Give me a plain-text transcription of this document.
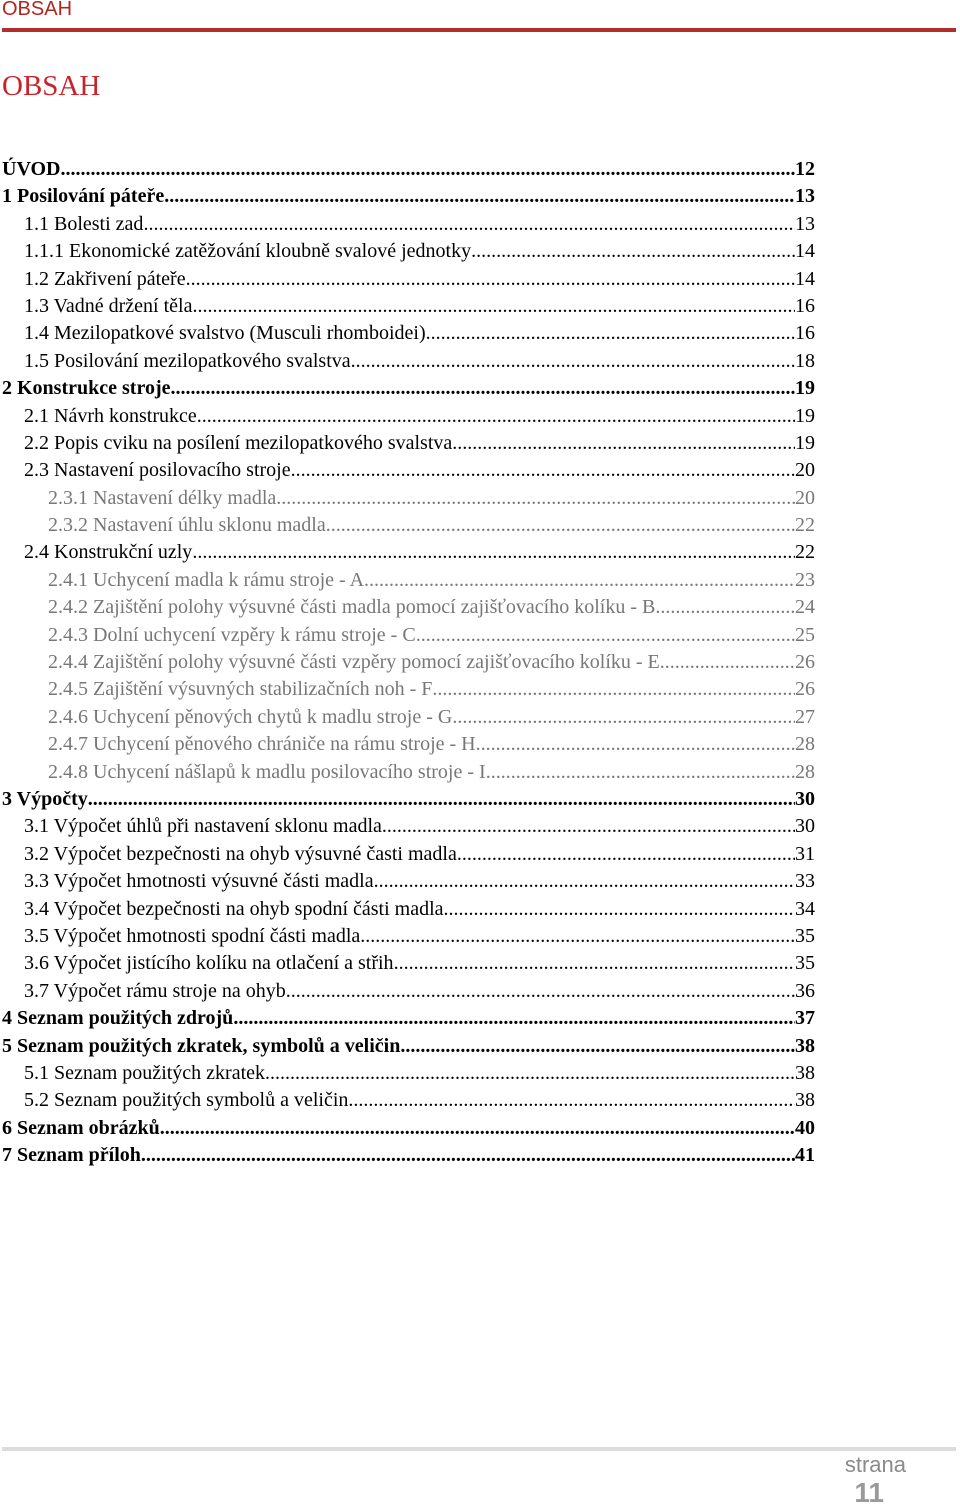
OBSAH
OBSAH
ÚVOD .....	12
1 Posilování páteře .....	13
1.1 Bolesti zad .....	13
1.1.1 Ekonomické zatěžování kloubně svalové jednotky .....	14
1.2 Zakřivení páteře .....	14
1.3 Vadné držení těla .....	16
1.4 Mezilopatkové svalstvo (Musculi rhomboidei) .....	16
1.5 Posilování mezilopatkového svalstva .....	18
2 Konstrukce stroje .....	19
2.1 Návrh konstrukce .....	19
2.2 Popis cviku na posílení mezilopatkového svalstva .....	19
2.3 Nastavení posilovacího stroje .....	20
2.3.1 Nastavení délky madla .....	20
2.3.2 Nastavení úhlu sklonu madla .....	22
2.4 Konstrukční uzly .....	22
2.4.1 Uchycení madla k rámu stroje - A .....	23
2.4.2 Zajištění polohy výsuvné části madla pomocí zajišťovacího kolíku - B .....	24
2.4.3 Dolní uchycení vzpěry k rámu stroje - C .....	25
2.4.4 Zajištění polohy výsuvné části vzpěry pomocí zajišťovacího kolíku - E .....	26
2.4.5 Zajištění výsuvných stabilizačních noh - F .....	26
2.4.6 Uchycení pěnových chytů k madlu stroje - G .....	27
2.4.7 Uchycení pěnového chrániče na rámu stroje - H .....	28
2.4.8 Uchycení nášlapů k madlu posilovacího stroje - I .....	28
3 Výpočty .....	30
3.1 Výpočet úhlů při nastavení sklonu madla .....	30
3.2 Výpočet bezpečnosti na ohyb výsuvné časti madla .....	31
3.3 Výpočet hmotnosti výsuvné části madla .....	33
3.4 Výpočet bezpečnosti na ohyb spodní části madla .....	34
3.5 Výpočet hmotnosti spodní části madla .....	35
3.6 Výpočet jistícího kolíku na otlačení a střih .....	35
3.7 Výpočet rámu stroje na ohyb .....	36
4 Seznam použitých zdrojů .....	37
5 Seznam použitých zkratek, symbolů a veličin .....	38
5.1 Seznam použitých zkratek .....	38
5.2 Seznam použitých symbolů a veličin .....	38
6 Seznam obrázků .....	40
7 Seznam příloh .....	41
strana
11
